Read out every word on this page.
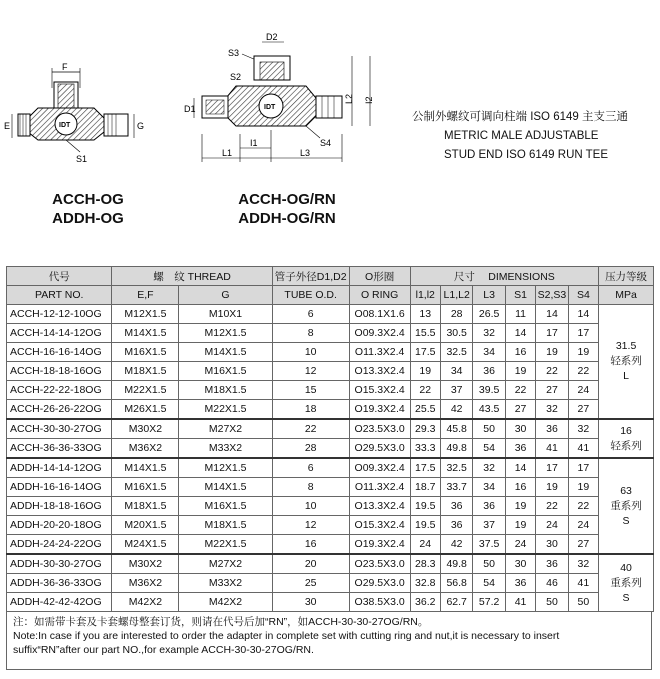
F
IDT
E	G
S1
D2
S3
S2
IDT
D1
L2 I2
S4
I1
L1	L3
ACCH-OG
ADDH-OG
ACCH-OG/RN
ADDH-OG/RN
公制外螺纹可调向柱端 ISO 6149 主支三通
METRIC MALE ADJUSTABLE
STUD END ISO 6149 RUN TEE
代号	螺　纹 THREAD		管子外径D1,D2	O形圈	尺寸　 DIMENSIONS						压力等级
PART NO.	E,F	G	TUBE O.D.	O RING	l1,l2	L1,L2	L3	S1	S2,S3	S4	MPa
ACCH-12-12-10OG	M12X1.5	M10X1	6	O08.1X1.6	13	28	26.5	11	14	14	31.5
轻系列
L

ACCH-14-14-12OG	M14X1.5	M12X1.5	8	O09.3X2.4	15.5	30.5	32	14	17	17	
ACCH-16-16-14OG	M16X1.5	M14X1.5	10	O11.3X2.4	17.5	32.5	34	16	19	19	
ACCH-18-18-16OG	M18X1.5	M16X1.5	12	O13.3X2.4	19	34	36	19	22	22	
ACCH-22-22-18OG	M22X1.5	M18X1.5	15	O15.3X2.4	22	37	39.5	22	27	24	
ACCH-26-26-22OG	M26X1.5	M22X1.5	18	O19.3X2.4	25.5	42	43.5	27	32	27	
ACCH-30-30-27OG	M30X2	M27X2	22	O23.5X3.0	29.3	45.8	50	30	36	32	16
轻系列

ACCH-36-36-33OG	M36X2	M33X2	28	O29.5X3.0	33.3	49.8	54	36	41	41	
ADDH-14-14-12OG	M14X1.5	M12X1.5	6	O09.3X2.4	17.5	32.5	32	14	17	17	63
重系列
S

ADDH-16-16-14OG	M16X1.5	M14X1.5	8	O11.3X2.4	18.7	33.7	34	16	19	19	
ADDH-18-18-16OG	M18X1.5	M16X1.5	10	O13.3X2.4	19.5	36	36	19	22	22	
ADDH-20-20-18OG	M20X1.5	M18X1.5	12	O15.3X2.4	19.5	36	37	19	24	24	
ADDH-24-24-22OG	M24X1.5	M22X1.5	16	O19.3X2.4	24	42	37.5	24	30	27	
ADDH-30-30-27OG	M30X2	M27X2	20	O23.5X3.0	28.3	49.8	50	30	36	32	40
重系列
S

ADDH-36-36-33OG	M36X2	M33X2	25	O29.5X3.0	32.8	56.8	54	36	46	41	
ADDH-42-42-42OG	M42X2	M42X2	30	O38.5X3.0	36.2	62.7	57.2	41	50	50	
注：如需带卡套及卡套螺母整套订货，则请在代号后加“RN”，如ACCH-30-30-27OG/RN。
Note:In case if you are interested to order the adapter in complete set with cutting ring and nut,it is necessary to insert
suffix“RN”after our part NO.,for example ACCH-30-30-27OG/RN.
